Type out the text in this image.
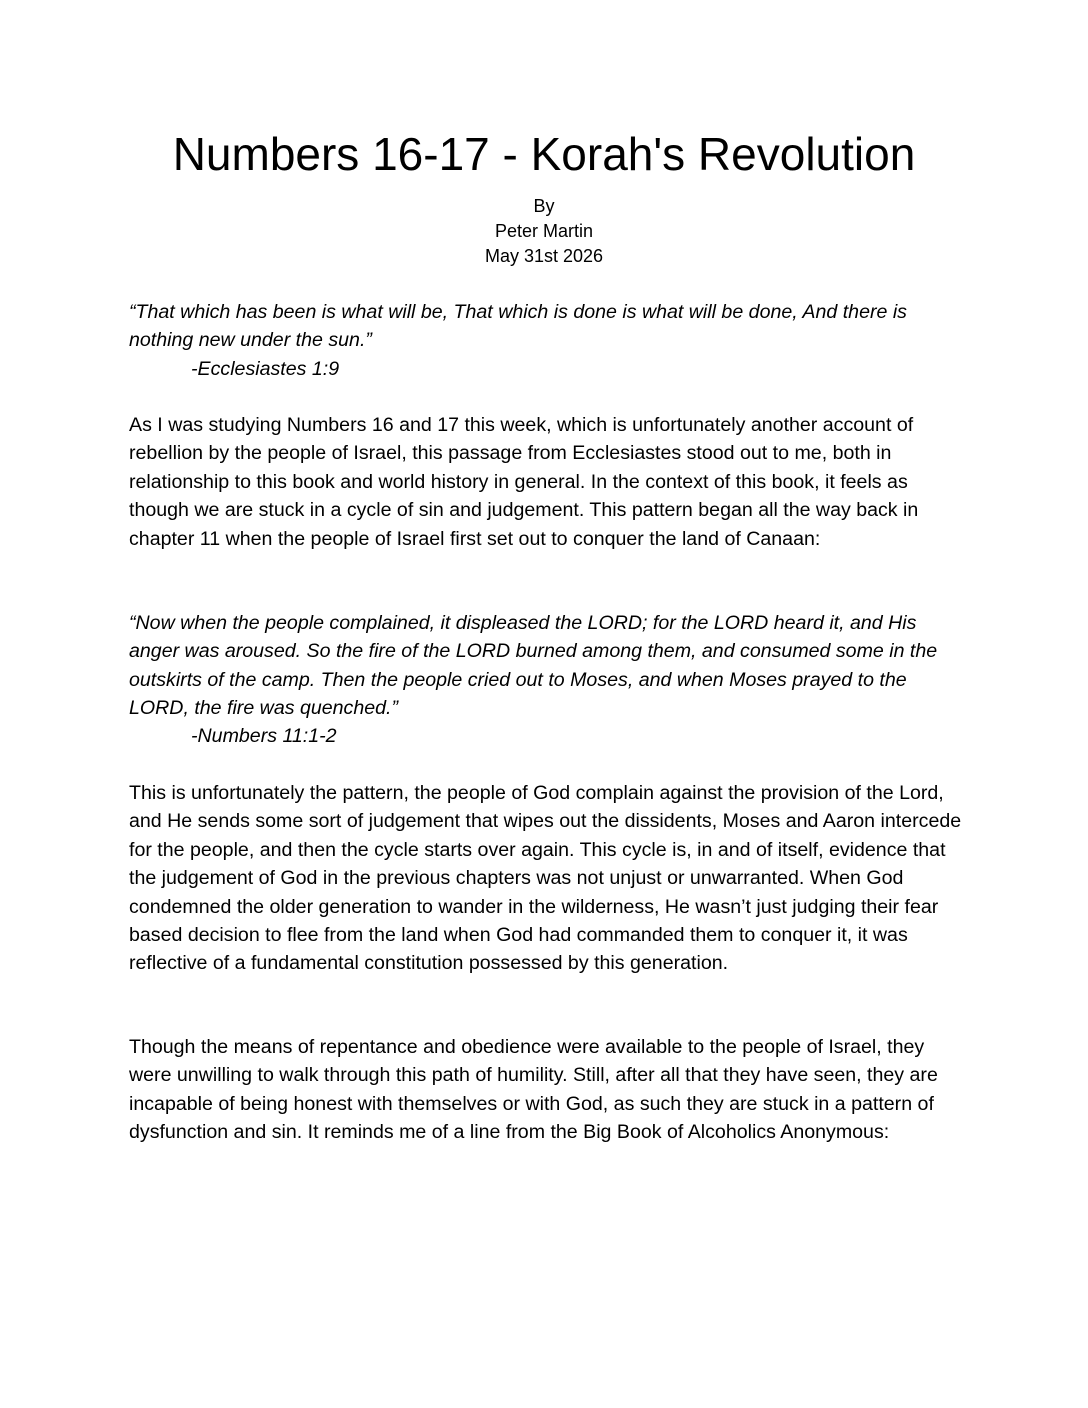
Numbers 16-17 - Korah's Revolution
By
Peter Martin
May 31st 2026

“That which has been is what will be, That which is done is what will be done, And there is nothing new under the sun.”

-Ecclesiastes 1:9

As I was studying Numbers 16 and 17 this week, which is unfortunately another account of rebellion by the people of Israel, this passage from Ecclesiastes stood out to me, both in relationship to this book and world history in general. In the context of this book, it feels as though we are stuck in a cycle of sin and judgement. This pattern began all the way back in chapter 11 when the people of Israel first set out to conquer the land of Canaan:

“Now when the people complained, it displeased the LORD; for the LORD heard it, and His anger was aroused. So the fire of the LORD burned among them, and consumed some in the outskirts of the camp. Then the people cried out to Moses, and when Moses prayed to the LORD, the fire was quenched.”

-Numbers 11:1-2

This is unfortunately the pattern, the people of God complain against the provision of the Lord, and He sends some sort of judgement that wipes out the dissidents, Moses and Aaron intercede for the people, and then the cycle starts over again. This cycle is, in and of itself, evidence that the judgement of God in the previous chapters was not unjust or unwarranted. When God condemned the older generation to wander in the wilderness, He wasn’t just judging their fear based decision to flee from the land when God had commanded them to conquer it, it was reflective of a fundamental constitution possessed by this generation.

Though the means of repentance and obedience were available to the people of Israel, they were unwilling to walk through this path of humility. Still, after all that they have seen, they are incapable of being honest with themselves or with God, as such they are stuck in a pattern of dysfunction and sin. It reminds me of a line from the Big Book of Alcoholics Anonymous:
